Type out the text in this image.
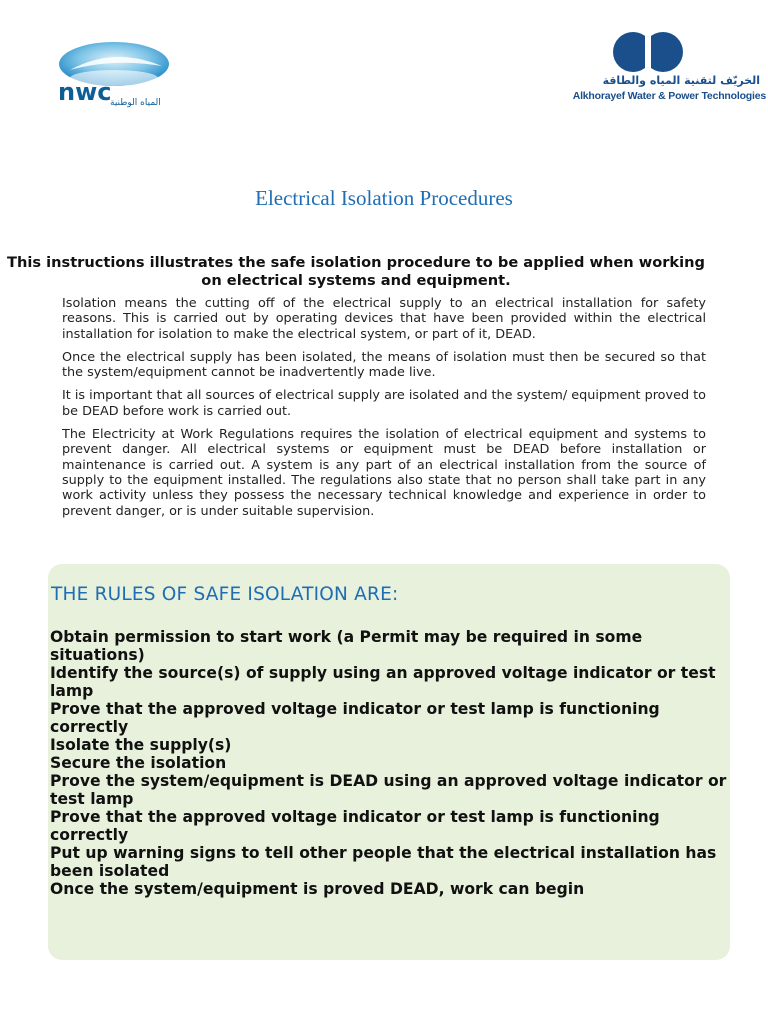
nwc
المياه الوطنية
الخريّف لتقنية المياه والطاقة
Alkhorayef Water & Power Technologies
Electrical Isolation Procedures
This instructions illustrates the safe isolation procedure to be applied when working on electrical systems and equipment.

Isolation means the cutting off of the electrical supply to an electrical installation for safety reasons. This is carried out by operating devices that have been provided within the electrical installation for isolation to make the electrical system, or part of it, DEAD.

Once the electrical supply has been isolated, the means of isolation must then be secured so that the system/equipment cannot be inadvertently made live.

It is important that all sources of electrical supply are isolated and the system/ equipment proved to be DEAD before work is carried out.

The Electricity at Work Regulations requires the isolation of electrical equipment and systems to prevent danger. All electrical systems or equipment must be DEAD before installation or maintenance is carried out. A system is any part of an electrical installation from the source of supply to the equipment installed. The regulations also state that no person shall take part in any work activity unless they possess the necessary technical knowledge and experience in order to prevent danger, or is under suitable supervision.

THE RULES OF SAFE ISOLATION ARE:
Obtain permission to start work (a Permit may be required in some situations)
Identify the source(s) of supply using an approved voltage indicator or test lamp
Prove that the approved voltage indicator or test lamp is functioning correctly
Isolate the supply(s)
Secure the isolation
Prove the system/equipment is DEAD using an approved voltage indicator or test lamp
Prove that the approved voltage indicator or test lamp is functioning correctly
Put up warning signs to tell other people that the electrical installation has been isolated
Once the system/equipment is proved DEAD, work can begin
